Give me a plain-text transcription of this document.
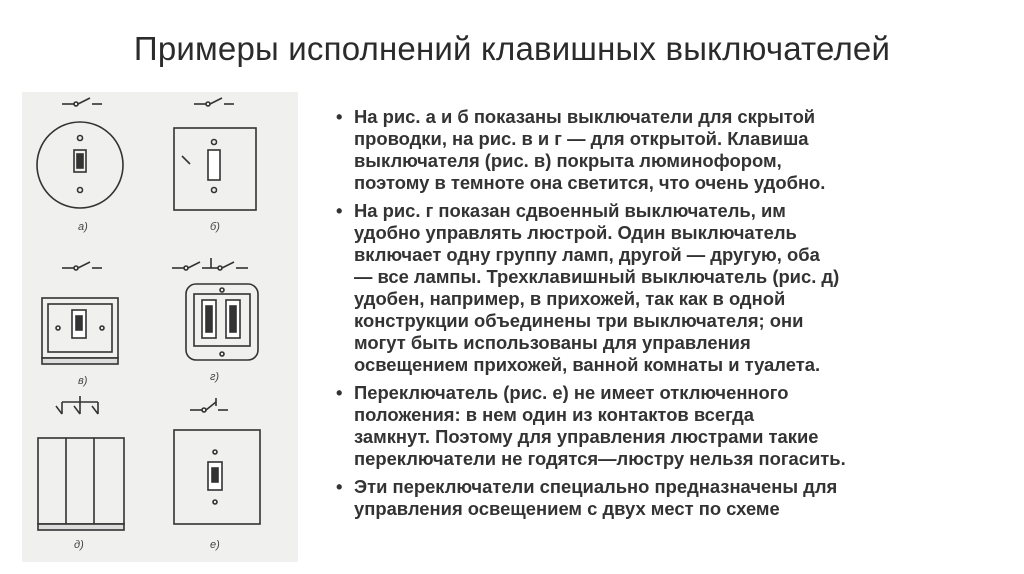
Примеры исполнений клавишных выключателей
а)	б)
в)	г)
д)	е)
• На рис. а и б показаны выключатели для скрытой
проводки, на рис. в и г — для открытой. Клавиша
выключателя (рис. в) покрыта люминофором,
поэтому в темноте она светится, что очень удобно.
• На рис. г показан сдвоенный выключатель, им
удобно управлять люстрой. Один выключатель
включает одну группу ламп, другой — другую, оба
— все лампы. Трехклавишный выключатель (рис. д)
удобен, например, в прихожей, так как в одной
конструкции объединены три выключателя; они
могут быть использованы для управления
освещением прихожей, ванной комнаты и туалета.
• Переключатель (рис. е) не имеет отключенного
положения: в нем один из контактов всегда
замкнут. Поэтому для управления люстрами такие
переключатели не годятся—люстру нельзя погасить.
• Эти переключатели специально предназначены для
управления освещением с двух мест по схеме
